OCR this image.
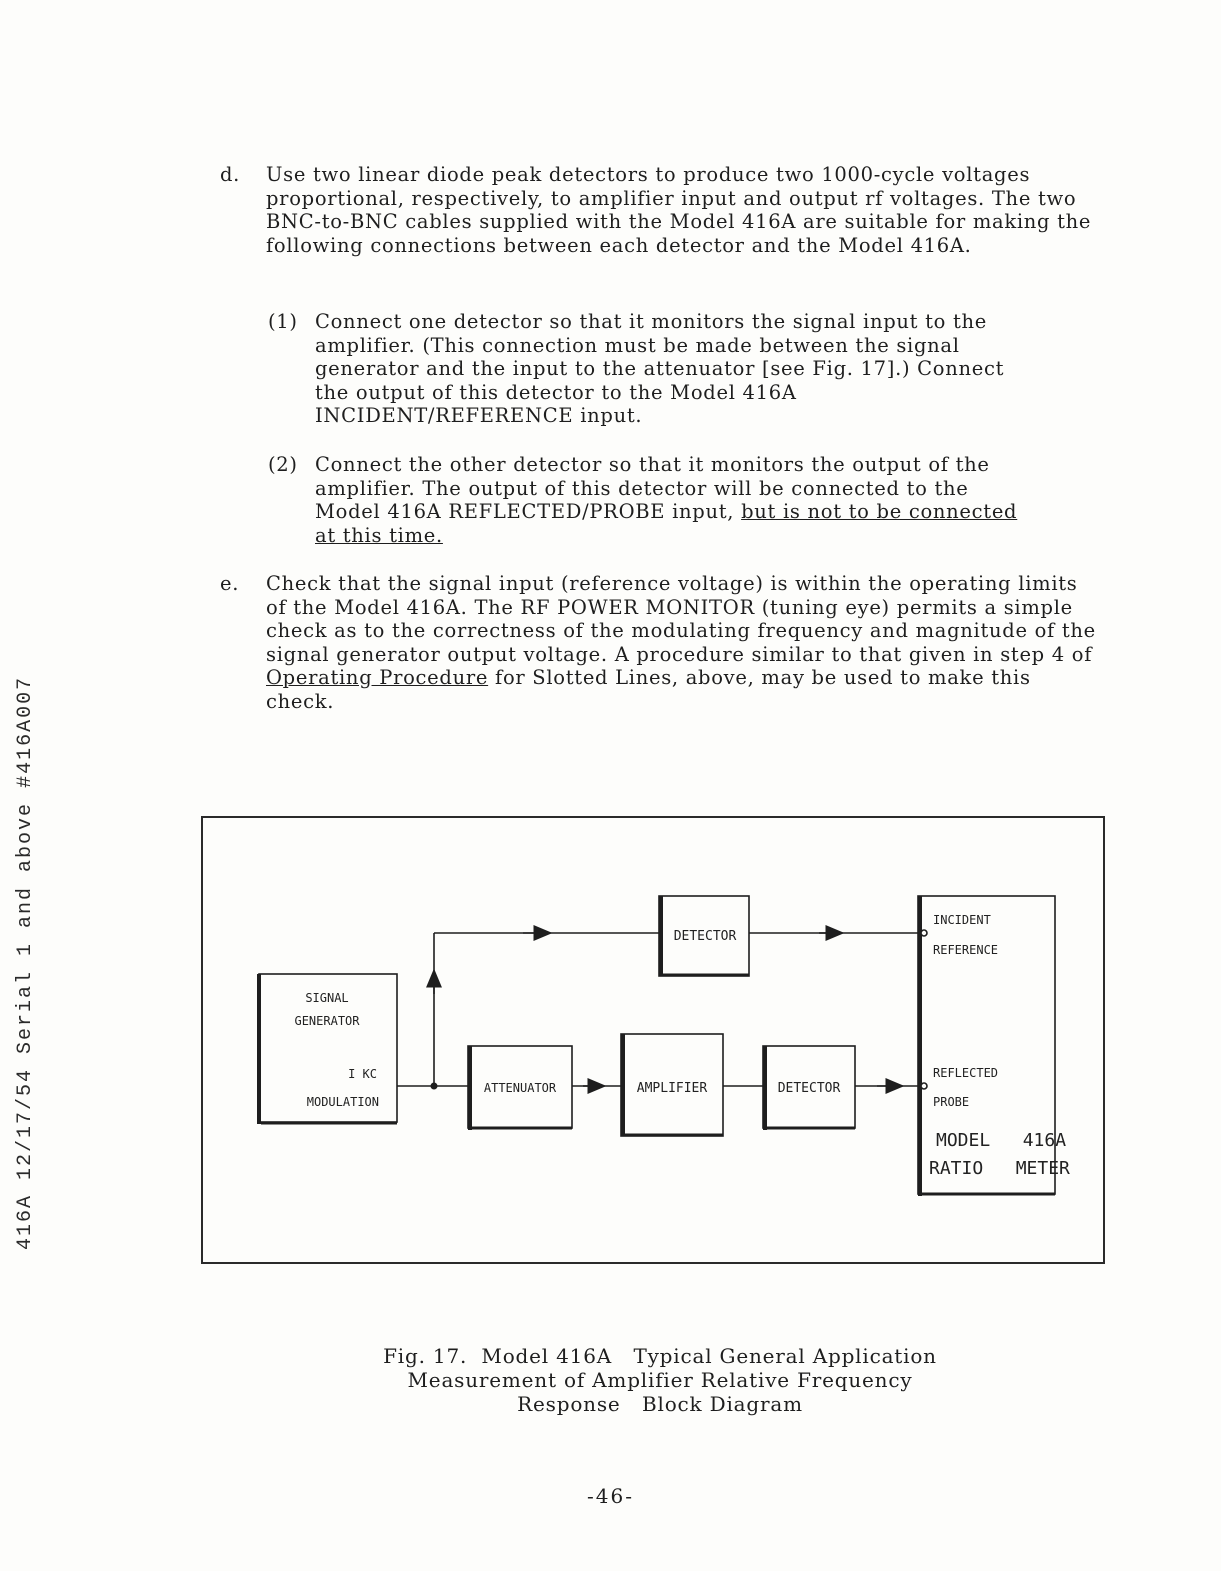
416A 12/17/54 Serial 1 and above #416A007
d. Use two linear diode peak detectors to produce two 1000-cycle voltages proportional, respectively, to amplifier input and output rf voltages. The two BNC-to-BNC cables supplied with the Model 416A are suitable for making the following connections between each detector and the Model 416A.
(1) Connect one detector so that it monitors the signal input to the amplifier. (This connection must be made between the signal generator and the input to the attenuator [see Fig. 17].) Connect the output of this detector to the Model 416A INCIDENT/REFERENCE input.
(2) Connect the other detector so that it monitors the output of the amplifier. The output of this detector will be connected to the Model 416A REFLECTED/PROBE input, but is not to be connected at this time.
e. Check that the signal input (reference voltage) is within the operating limits of the Model 416A. The RF POWER MONITOR (tuning eye) permits a simple check as to the correctness of the modulating frequency and magnitude of the signal generator output voltage. A procedure similar to that given in step 4 of Operating Procedure for Slotted Lines, above, may be used to make this check.
SIGNAL
GENERATOR
I KC
MODULATION
DETECTOR
ATTENUATOR	AMPLIFIER	DETECTOR
INCIDENT
REFERENCE
REFLECTED
PROBE
MODEL   416A
RATIO   METER
Fig. 17.  Model 416A   Typical General Application
Measurement of Amplifier Relative Frequency
Response   Block Diagram
-46-
